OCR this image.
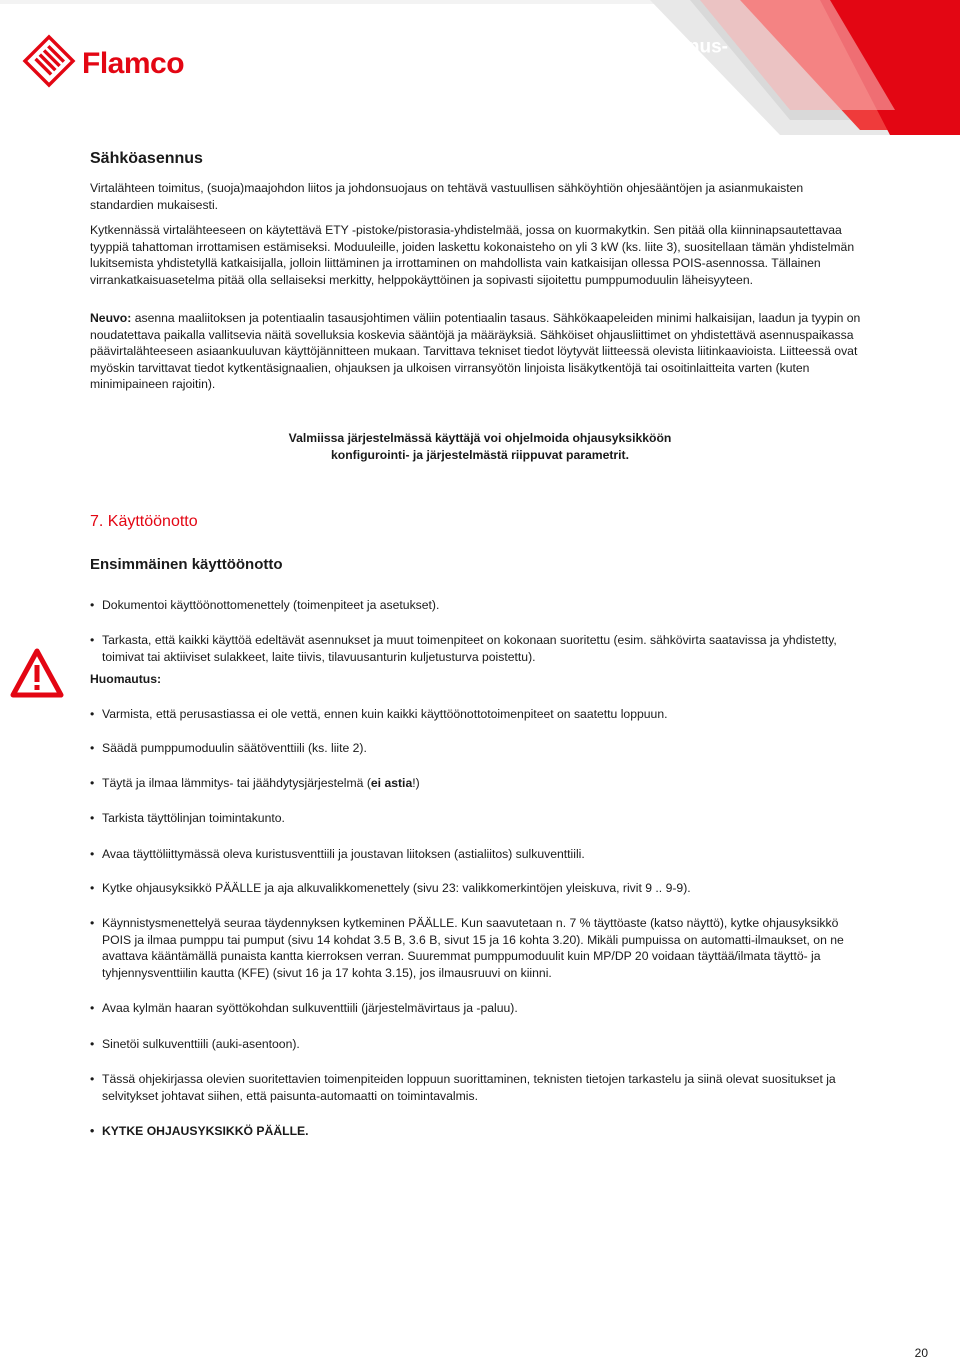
Flamco
Flamcomat® Asennus-
ja käyttöohjekirja
Sähköasennus

Virtalähteen toimitus, (suoja)maajohdon liitos ja johdonsuojaus on tehtävä vastuullisen sähköyhtiön ohjesääntöjen ja asianmukaisten standardien mukaisesti.

Kytkennässä virtalähteeseen on käytettävä ETY -pistoke/pistorasia-yhdistelmää, jossa on kuormakytkin. Sen pitää olla kiinninapsautettavaa tyyppiä tahattoman irrottamisen estämiseksi. Moduuleille, joiden laskettu kokonaisteho on yli 3 kW (ks. liite 3), suositellaan tämän yhdistelmän lukitsemista yhdistetyllä katkaisijalla, jolloin liittäminen ja irrottaminen on mahdollista vain katkaisijan ollessa POIS-asennossa. Tällainen virrankatkaisuasetelma pitää olla sellaiseksi merkitty, helppokäyttöinen ja sopivasti sijoitettu pumppumoduulin läheisyyteen.

Neuvo: asenna maaliitoksen ja potentiaalin tasausjohtimen väliin potentiaalin tasaus. Sähkökaapeleiden minimi halkaisijan, laadun ja tyypin on noudatettava paikalla vallitsevia näitä sovelluksia koskevia sääntöjä ja määräyksiä. Sähköiset ohjausliittimet on yhdistettävä asennuspaikassa päävirtalähteeseen asiaankuuluvan käyttöjännitteen mukaan. Tarvittava tekniset tiedot löytyvät liitteessä olevista liitinkaavioista. Liitteessä ovat myöskin tarvittavat tiedot kytkentäsignaalien, ohjauksen ja ulkoisen virransyötön linjoista lisäkytkentöjä tai osoitinlaitteita varten (kuten minimipaineen rajoitin).

Valmiissa järjestelmässä käyttäjä voi ohjelmoida ohjausyksikköön
konfigurointi- ja järjestelmästä riippuvat parametrit.
7. Käyttöönotto
Ensimmäinen käyttöönotto
• Dokumentoi käyttöönottomenettely (toimenpiteet ja asetukset).
• Tarkasta, että kaikki käyttöä edeltävät asennukset ja muut toimenpiteet on kokonaan suoritettu (esim. sähkövirta saatavissa ja yhdistetty, toimivat tai aktiiviset sulakkeet, laite tiivis, tilavuusanturin kuljetusturva poistettu).
Huomautus:
• Varmista, että perusastiassa ei ole vettä, ennen kuin kaikki käyttöönottotoimenpiteet on saatettu loppuun.
• Säädä pumppumoduulin säätöventtiili (ks. liite 2).
• Täytä ja ilmaa lämmitys- tai jäähdytysjärjestelmä (ei astia!)
• Tarkista täyttölinjan toimintakunto.
• Avaa täyttöliittymässä oleva kuristusventtiili ja joustavan liitoksen (astialiitos) sulkuventtiili.
• Kytke ohjausyksikkö PÄÄLLE ja aja alkuvalikkomenettely (sivu 23: valikkomerkintöjen yleiskuva, rivit 9 .. 9-9).
• Käynnistysmenettelyä seuraa täydennyksen kytkeminen PÄÄLLE. Kun saavutetaan n. 7 % täyttöaste (katso näyttö), kytke ohjausyksikkö POIS ja ilmaa pumppu tai pumput (sivu 14 kohdat 3.5 B, 3.6 B, sivut 15 ja 16 kohta 3.20). Mikäli pumpuissa on automatti-ilmaukset, on ne avattava kääntämällä punaista kantta kierroksen verran. Suuremmat pumppumoduulit kuin MP/DP 20 voidaan täyttää/ilmata täyttö- ja tyhjennysventtiilin kautta (KFE) (sivut 16 ja 17 kohta 3.15), jos ilmausruuvi on kiinni.
• Avaa kylmän haaran syöttökohdan sulkuventtiili (järjestelmävirtaus ja -paluu).
• Sinetöi sulkuventtiili (auki-asentoon).
• Tässä ohjekirjassa olevien suoritettavien toimenpiteiden loppuun suorittaminen, teknisten tietojen tarkastelu ja siinä olevat suositukset ja selvitykset johtavat siihen, että paisunta-automaatti on toimintavalmis.
• KYTKE OHJAUSYKSIKKÖ PÄÄLLE.
20
